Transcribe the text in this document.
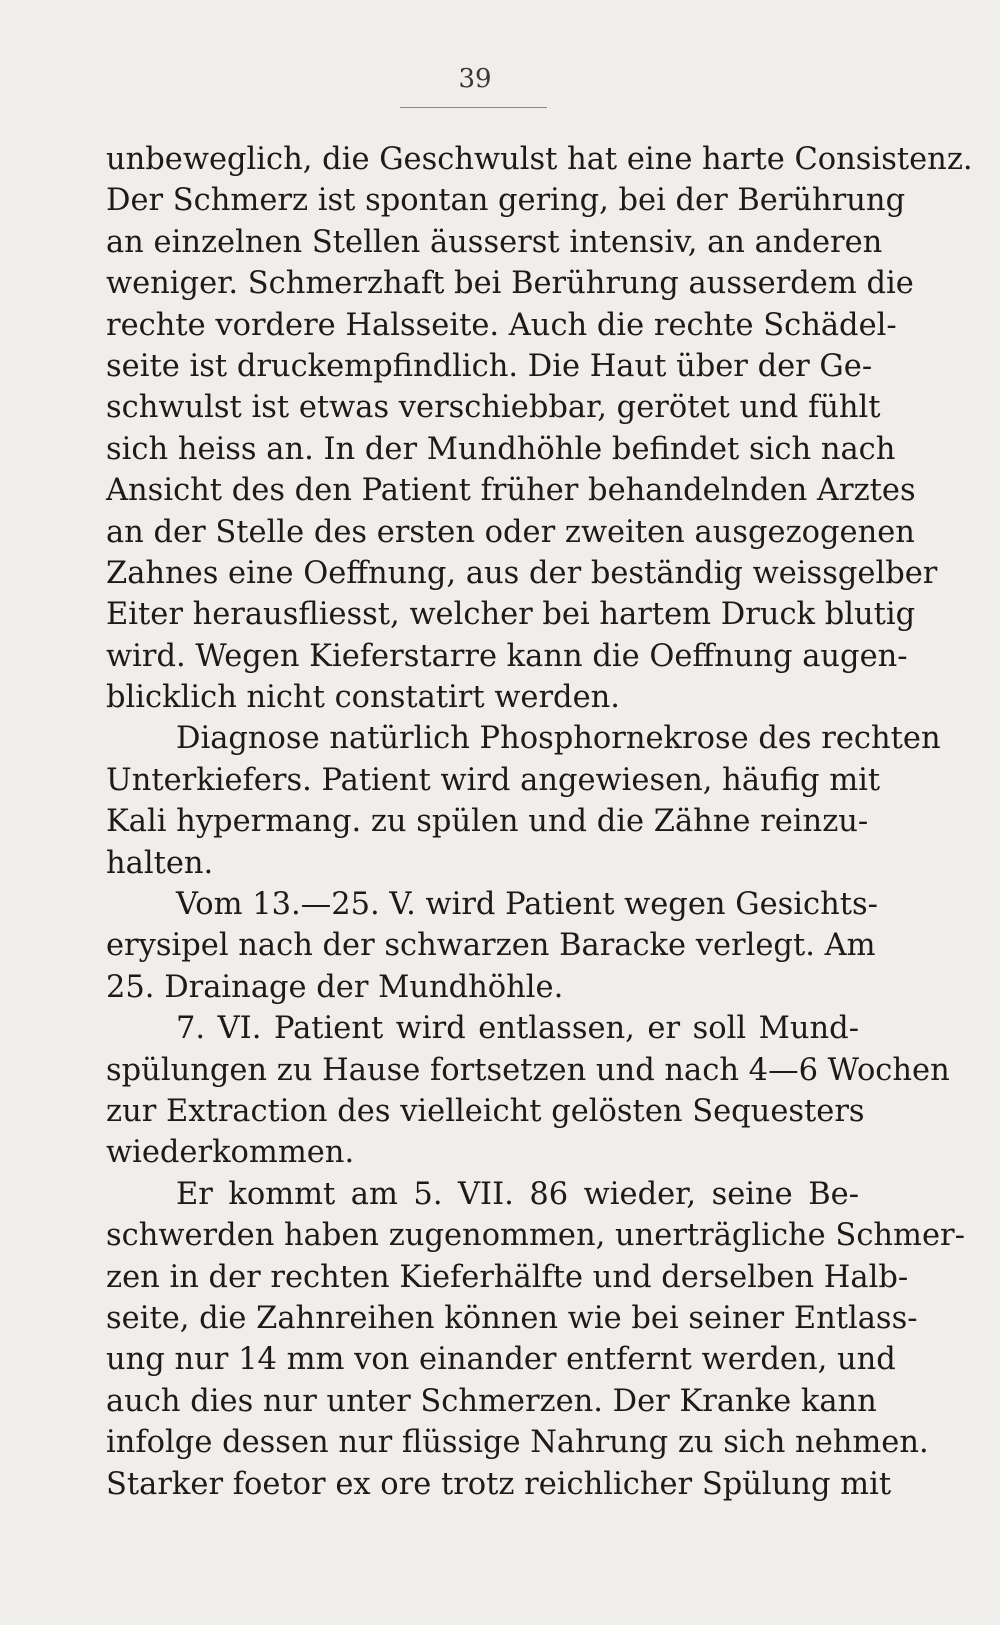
39
unbeweglich, die Geschwulst hat eine harte Consistenz.
Der Schmerz ist spontan gering, bei der Berührung
an einzelnen Stellen äusserst intensiv, an anderen
weniger. Schmerzhaft bei Berührung ausserdem die
rechte vordere Halsseite. Auch die rechte Schädel-
seite ist druckempfindlich. Die Haut über der Ge-
schwulst ist etwas verschiebbar, gerötet und fühlt
sich heiss an. In der Mundhöhle befindet sich nach
Ansicht des den Patient früher behandelnden Arztes
an der Stelle des ersten oder zweiten ausgezogenen
Zahnes eine Oeffnung, aus der beständig weissgelber
Eiter herausfliesst, welcher bei hartem Druck blutig
wird. Wegen Kieferstarre kann die Oeffnung augen-
blicklich nicht constatirt werden.
Diagnose natürlich Phosphornekrose des rechten
Unterkiefers. Patient wird angewiesen, häufig mit
Kali hypermang. zu spülen und die Zähne reinzu-
halten.
Vom 13.—25. V. wird Patient wegen Gesichts-
erysipel nach der schwarzen Baracke verlegt. Am
25. Drainage der Mundhöhle.
7. VI. Patient wird entlassen, er soll Mund-
spülungen zu Hause fortsetzen und nach 4—6 Wochen
zur Extraction des vielleicht gelösten Sequesters
wiederkommen.
Er kommt am 5. VII. 86 wieder, seine Be-
schwerden haben zugenommen, unerträgliche Schmer-
zen in der rechten Kieferhälfte und derselben Halb-
seite, die Zahnreihen können wie bei seiner Entlass-
ung nur 14 mm von einander entfernt werden, und
auch dies nur unter Schmerzen. Der Kranke kann
infolge dessen nur flüssige Nahrung zu sich nehmen.
Starker foetor ex ore trotz reichlicher Spülung mit
